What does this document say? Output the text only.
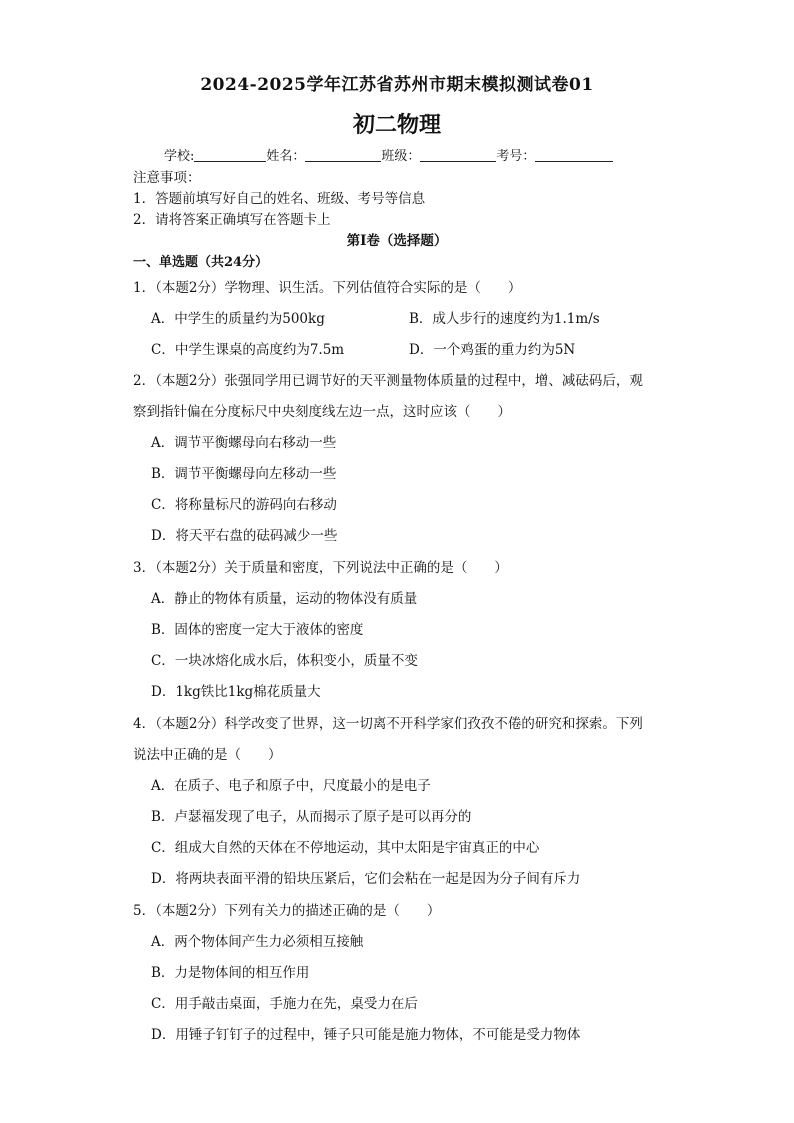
2024-2025学年江苏省苏州市期末模拟测试卷01
初二物理
学校:	姓名：	班级：	考号：
注意事项：
1．答题前填写好自己的姓名、班级、考号等信息
2．请将答案正确填写在答题卡上
第I卷（选择题）
一、单选题（共24分）
1．（本题2分）学物理、识生活。下列估值符合实际的是（　　）
A．中学生的质量约为500kg	B．成人步行的速度约为1.1m/s
C．中学生课桌的高度约为7.5m	D．一个鸡蛋的重力约为5N
2．（本题2分）张强同学用已调节好的天平测量物体质量的过程中，增、减砝码后，观
察到指针偏在分度标尺中央刻度线左边一点，这时应该（　　）
A．调节平衡螺母向右移动一些
B．调节平衡螺母向左移动一些
C．将称量标尺的游码向右移动
D．将天平右盘的砝码减少一些
3．（本题2分）关于质量和密度，下列说法中正确的是（　　）
A．静止的物体有质量，运动的物体没有质量
B．固体的密度一定大于液体的密度
C．一块冰熔化成水后，体积变小，质量不变
D．1kg铁比1kg棉花质量大
4．（本题2分）科学改变了世界，这一切离不开科学家们孜孜不倦的研究和探索。下列
说法中正确的是（　　）
A．在质子、电子和原子中，尺度最小的是电子
B．卢瑟福发现了电子，从而揭示了原子是可以再分的
C．组成大自然的天体在不停地运动，其中太阳是宇宙真正的中心
D．将两块表面平滑的铅块压紧后，它们会粘在一起是因为分子间有斥力
5．（本题2分）下列有关力的描述正确的是（　　）
A．两个物体间产生力必须相互接触
B．力是物体间的相互作用
C．用手敲击桌面，手施力在先，桌受力在后
D．用锤子钉钉子的过程中，锤子只可能是施力物体，不可能是受力物体
